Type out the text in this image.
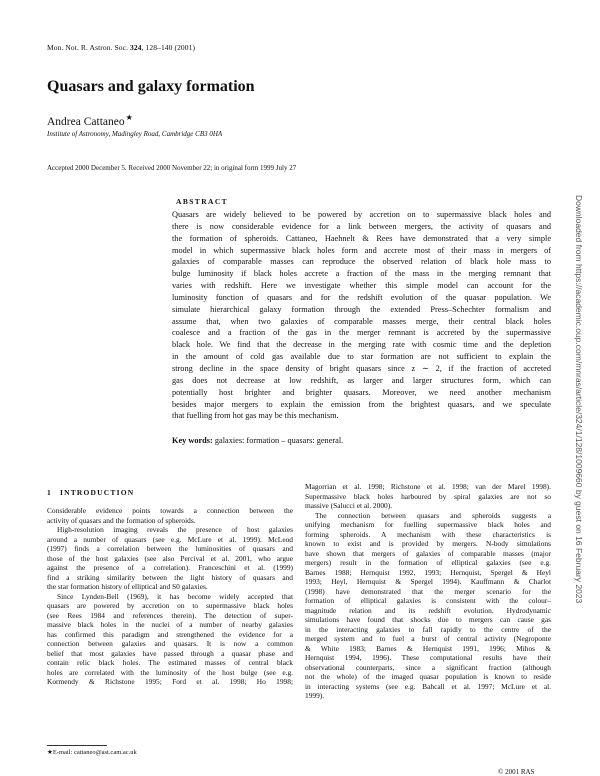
Mon. Not. R. Astron. Soc. 324, 128–140 (2001)
Quasars and galaxy formation
Andrea Cattaneo★
Institute of Astronomy, Madingley Road, Cambridge CB3 0HA
Accepted 2000 December 5. Received 2000 November 22; in original form 1999 July 27
ABSTRACT
Quasars are widely believed to be powered by accretion on to supermassive black holes and
there is now considerable evidence for a link between mergers, the activity of quasars and
the formation of spheroids. Cattaneo, Haehnelt & Rees have demonstrated that a very simple
model in which supermassive black holes form and accrete most of their mass in mergers of
galaxies of comparable masses can reproduce the observed relation of black hole mass to
bulge luminosity if black holes accrete a fraction of the mass in the merging remnant that
varies with redshift. Here we investigate whether this simple model can account for the
luminosity function of quasars and for the redshift evolution of the quasar population. We
simulate hierarchical galaxy formation through the extended Press–Schechter formalism and
assume that, when two galaxies of comparable masses merge, their central black holes
coalesce and a fraction of the gas in the merger remnant is accreted by the supermassive
black hole. We find that the decrease in the merging rate with cosmic time and the depletion
in the amount of cold gas available due to star formation are not sufficient to explain the
strong decline in the space density of bright quasars since z ∼ 2, if the fraction of accreted
gas does not decrease at low redshift, as larger and larger structures form, which can
potentially host brighter and brighter quasars. Moreover, we need another mechanism
besides major mergers to explain the emission from the brightest quasars, and we speculate
that fuelling from hot gas may be this mechanism.
Key words: galaxies: formation – quasars: general.
1 INTRODUCTION
Considerable evidence points towards a connection between the
activity of quasars and the formation of spheroids.
High-resolution imaging reveals the presence of host galaxies
around a number of quasars (see e.g. McLure et al. 1999). McLeod
(1997) finds a correlation between the luminosities of quasars and
those of the host galaxies (see also Percival et al. 2001, who argue
against the presence of a correlation). Franceschini et al. (1999)
find a striking similarity between the light history of quasars and
the star formation history of elliptical and S0 galaxies.
Since Lynden-Bell (1969), it has become widely accepted that
quasars are powered by accretion on to supermassive black holes
(see Rees 1984 and references therein). The detection of super-
massive black holes in the nuclei of a number of nearby galaxies
has confirmed this paradigm and strengthened the evidence for a
connection between galaxies and quasars. It is now a common
belief that most galaxies have passed through a quasar phase and
contain relic black holes. The estimated masses of central black
holes are correlated with the luminosity of the host bulge (see e.g.
Kormendy & Richstone 1995; Ford et al. 1998; Ho 1998;
Magorrian et al. 1998; Richstone et al. 1998; van der Marel 1998).
Supermassive black holes harboured by spiral galaxies are not so
massive (Salucci et al. 2000).
The connection between quasars and spheroids suggests a
unifying mechanism for fuelling supermassive black holes and
forming spheroids. A mechanism with these characteristics is
known to exist and is provided by mergers. N-body simulations
have shown that mergers of galaxies of comparable masses (major
mergers) result in the formation of elliptical galaxies (see e.g.
Barnes 1988; Hernquist 1992, 1993; Hernquist, Spergel & Heyl
1993; Heyl, Hernquist & Spergel 1994). Kauffmann & Charlot
(1998) have demonstrated that the merger scenario for the
formation of elliptical galaxies is consistent with the colour–
magnitude relation and its redshift evolution. Hydrodynamic
simulations have found that shocks due to mergers can cause gas
in the interacting galaxies to fall rapidly to the centre of the
merged system and to fuel a burst of central activity (Negroponte
& White 1983; Barnes & Hernquist 1991, 1996; Mihos &
Hernquist 1994, 1996). These computational results have their
observational counterparts, since a significant fraction (although
not the whole) of the imaged quasar population is known to reside
in interacting systems (see e.g. Bahcall et al. 1997; McLure et al.
1999).
★E-mail: cattaneo@ast.cam.ac.uk
© 2001 RAS
Downloaded from https://academic.oup.com/mnras/article/324/1/128/1009660 by guest on 16 February 2023
